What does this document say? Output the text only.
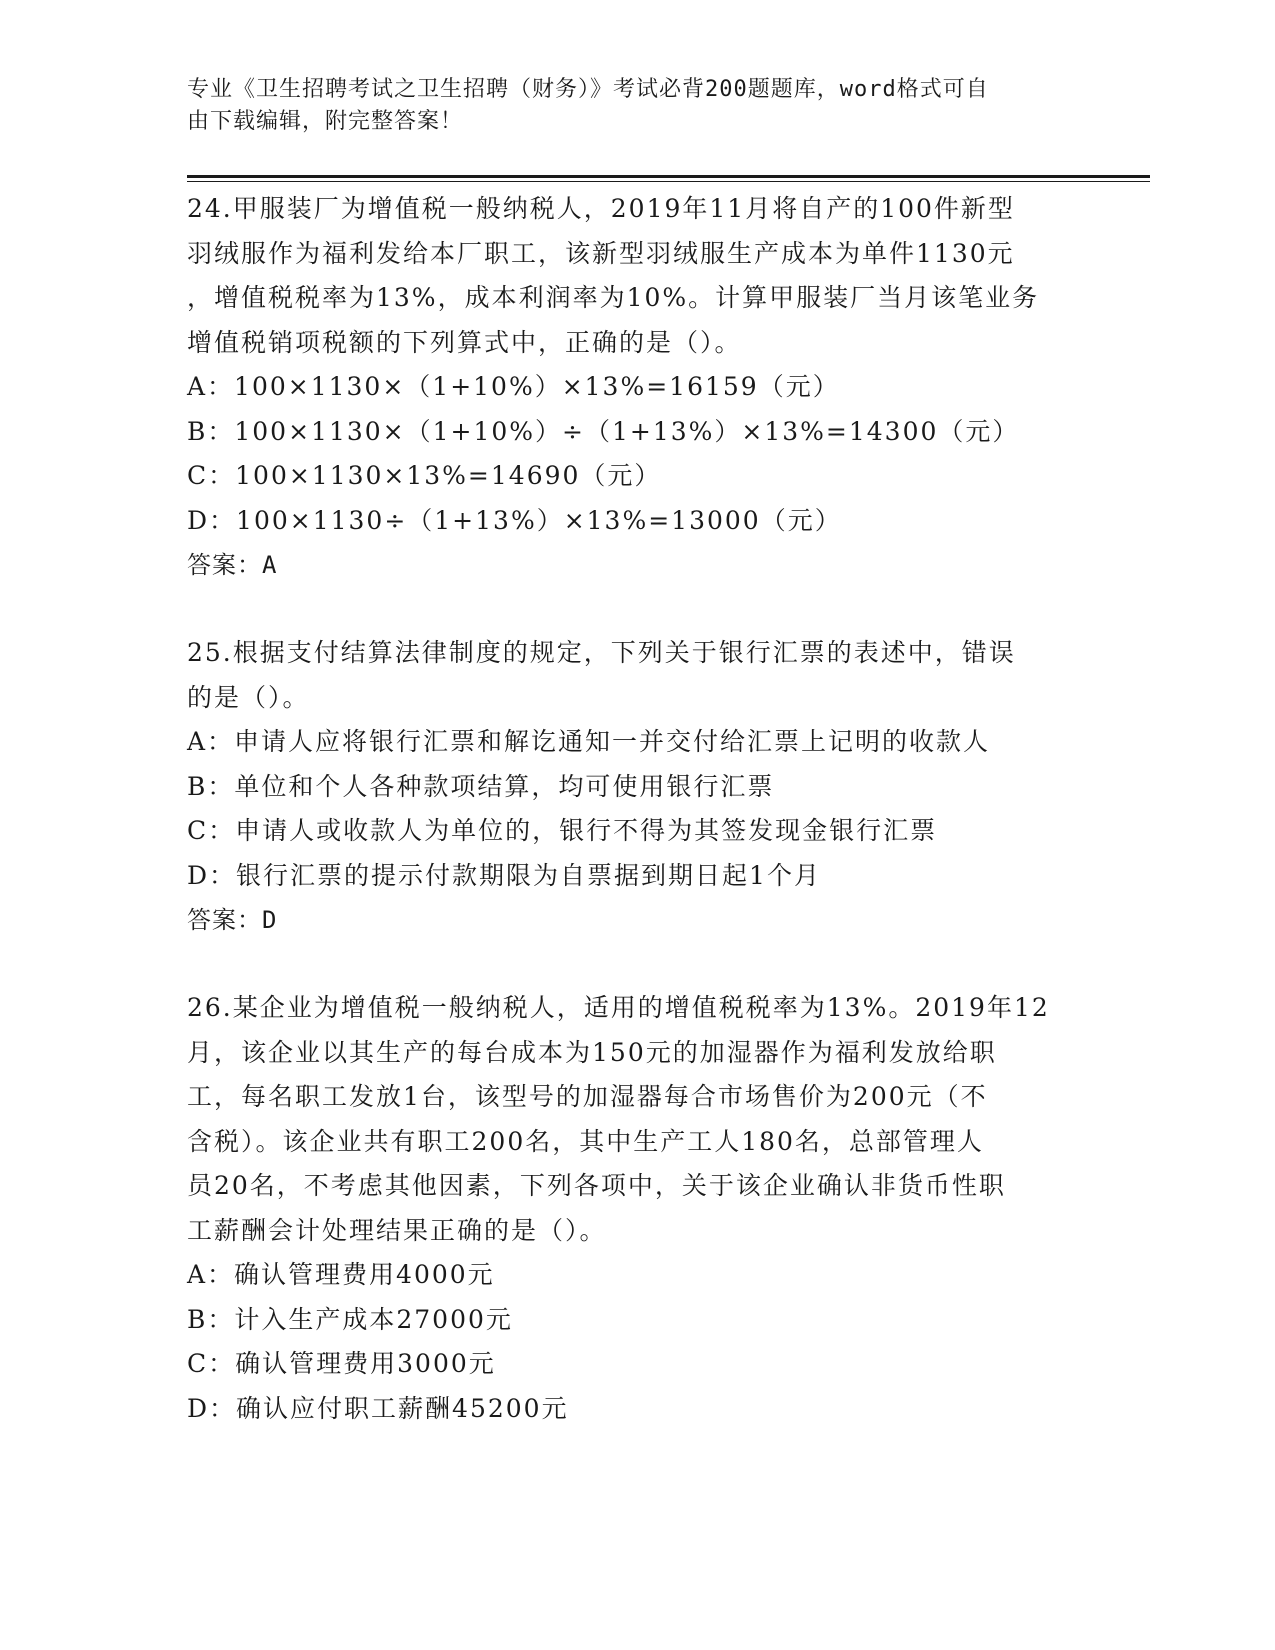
专业《卫生招聘考试之卫生招聘（财务）》考试必背200题题库，word格式可自
由下载编辑，附完整答案！

24.甲服装厂为增值税一般纳税人，2019年11月将自产的100件新型

羽绒服作为福利发给本厂职工，该新型羽绒服生产成本为单件1130元

，增值税税率为13%，成本利润率为10%。计算甲服装厂当月该笔业务

增值税销项税额的下列算式中，正确的是（）。

A：100×1130×（1+10%）×13%=16159（元）

B：100×1130×（1+10%）÷（1+13%）×13%=14300（元）

C：100×1130×13%=14690（元）

D：100×1130÷（1+13%）×13%=13000（元）

答案：A

25.根据支付结算法律制度的规定，下列关于银行汇票的表述中，错误

的是（）。

A：申请人应将银行汇票和解讫通知一并交付给汇票上记明的收款人

B：单位和个人各种款项结算，均可使用银行汇票

C：申请人或收款人为单位的，银行不得为其签发现金银行汇票

D：银行汇票的提示付款期限为自票据到期日起1个月

答案：D

26.某企业为增值税一般纳税人，适用的增值税税率为13%。2019年12

月，该企业以其生产的每台成本为150元的加湿器作为福利发放给职

工，每名职工发放1台，该型号的加湿器每合市场售价为200元（不

含税）。该企业共有职工200名，其中生产工人180名，总部管理人

员20名，不考虑其他因素，下列各项中，关于该企业确认非货币性职

工薪酬会计处理结果正确的是（）。

A：确认管理费用4000元

B：计入生产成本27000元

C：确认管理费用3000元

D：确认应付职工薪酬45200元
